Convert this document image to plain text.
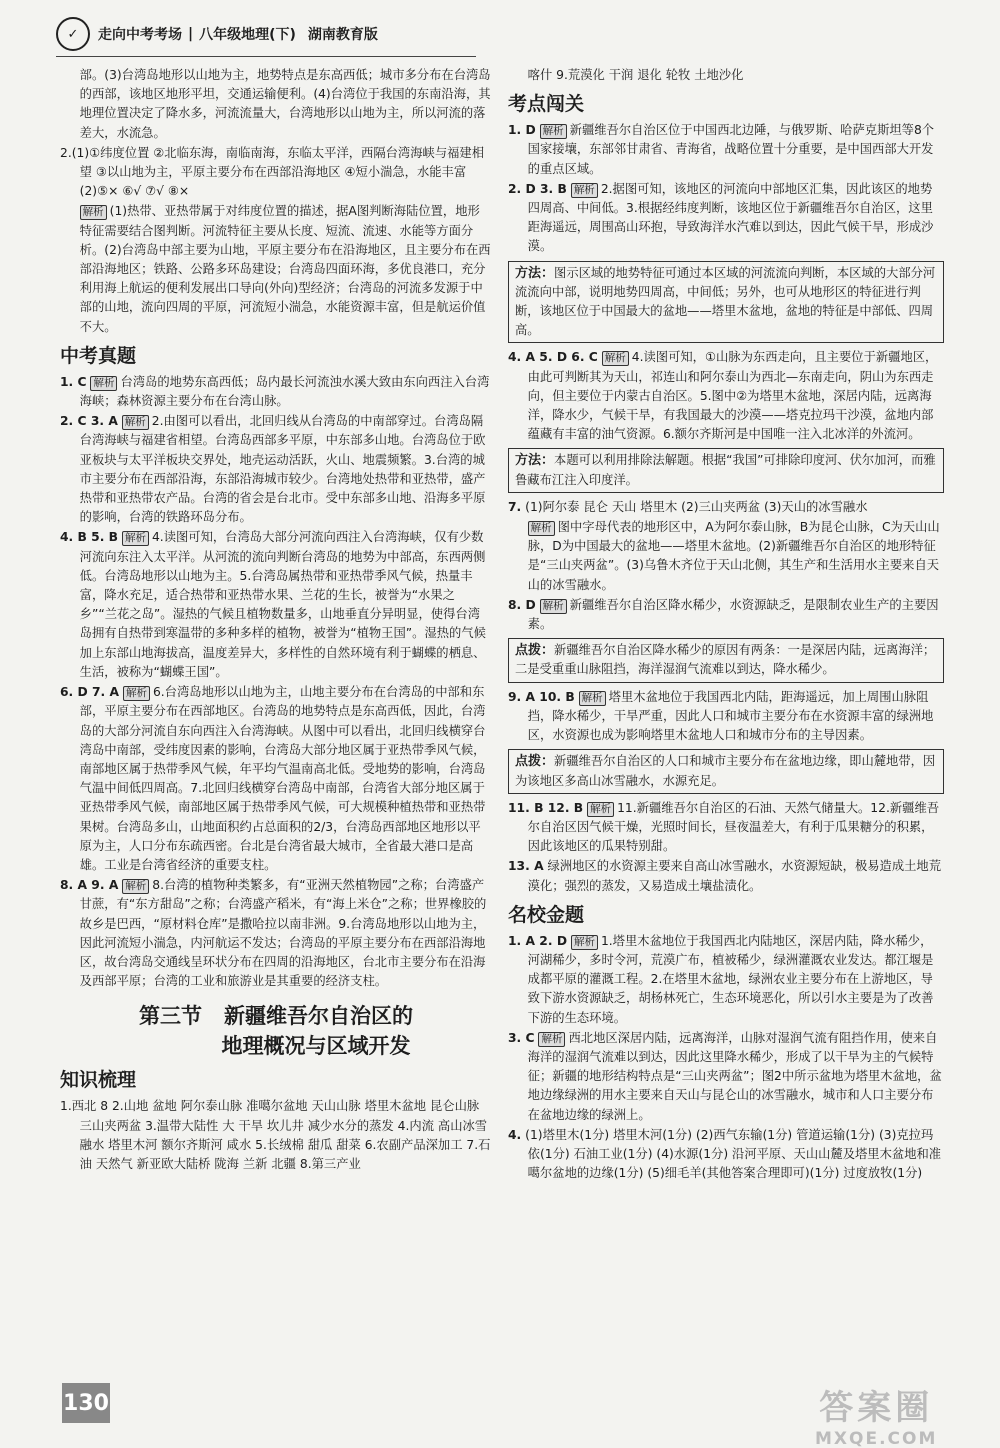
✓	走向中考考场 | 八年级地理(下) 湖南教育版
部。(3)台湾岛地形以山地为主，地势特点是东高西低；城市多分布在台湾岛的西部，该地区地形平坦，交通运输便利。(4)台湾位于我国的东南沿海，其地理位置决定了降水多，河流流量大，台湾地形以山地为主，所以河流的落差大，水流急。
2.(1)①纬度位置 ②北临东海，南临南海，东临太平洋，西隔台湾海峡与福建相望 ③以山地为主，平原主要分布在西部沿海地区 ④短小湍急，水能丰富 (2)⑤× ⑥√ ⑦√ ⑧×
解析 (1)热带、亚热带属于对纬度位置的描述，据A图判断海陆位置，地形特征需要结合图判断。河流特征主要从长度、短流、流速、水能等方面分析。(2)台湾岛中部主要为山地，平原主要分布在沿海地区，且主要分布在西部沿海地区；铁路、公路多环岛建设；台湾岛四面环海，多优良港口，充分利用海上航运的便利发展出口导向(外向)型经济；台湾岛的河流多发源于中部的山地，流向四周的平原，河流短小湍急，水能资源丰富，但是航运价值不大。
中考真题
1. C 解析 台湾岛的地势东高西低；岛内最长河流浊水溪大致由东向西注入台湾海峡；森林资源主要分布在台湾山脉。
2. C 3. A 解析 2.由图可以看出，北回归线从台湾岛的中南部穿过。台湾岛隔台湾海峡与福建省相望。台湾岛西部多平原，中东部多山地。台湾岛位于欧亚板块与太平洋板块交界处，地壳运动活跃，火山、地震频繁。3.台湾的城市主要分布在西部沿海，东部沿海城市较少。台湾地处热带和亚热带，盛产热带和亚热带农产品。台湾的省会是台北市。受中东部多山地、沿海多平原的影响，台湾的铁路环岛分布。
4. B 5. B 解析 4.读图可知，台湾岛大部分河流向西注入台湾海峡，仅有少数河流向东注入太平洋。从河流的流向判断台湾岛的地势为中部高，东西两侧低。台湾岛地形以山地为主。5.台湾岛属热带和亚热带季风气候，热量丰富，降水充足，适合热带和亚热带水果、兰花的生长，被誉为“水果之乡”“兰花之岛”。湿热的气候且植物数量多，山地垂直分异明显，使得台湾岛拥有自热带到寒温带的多种多样的植物，被誉为“植物王国”。湿热的气候加上东部山地海拔高，温度差异大，多样性的自然环境有利于蝴蝶的栖息、生活，被称为“蝴蝶王国”。
6. D 7. A 解析 6.台湾岛地形以山地为主，山地主要分布在台湾岛的中部和东部，平原主要分布在西部地区。台湾岛的地势特点是东高西低，因此，台湾岛的大部分河流自东向西注入台湾海峡。从图中可以看出，北回归线横穿台湾岛中南部，受纬度因素的影响，台湾岛大部分地区属于亚热带季风气候，南部地区属于热带季风气候，年平均气温南高北低。受地势的影响，台湾岛气温中间低四周高。7.北回归线横穿台湾岛中南部，台湾省大部分地区属于亚热带季风气候，南部地区属于热带季风气候，可大规模种植热带和亚热带果树。台湾岛多山，山地面积约占总面积的2/3，台湾岛西部地区地形以平原为主，人口分布东疏西密。台北是台湾省最大城市，全省最大港口是高雄。工业是台湾省经济的重要支柱。
8. A 9. A 解析 8.台湾的植物种类繁多，有“亚洲天然植物园”之称；台湾盛产甘蔗，有“东方甜岛”之称；台湾盛产稻米，有“海上米仓”之称；世界橡胶的故乡是巴西，“原材料仓库”是撒哈拉以南非洲。9.台湾岛地形以山地为主，因此河流短小湍急，内河航运不发达；台湾岛的平原主要分布在西部沿海地区，故台湾岛交通线呈环状分布在四周的沿海地区，台北市主要分布在沿海及西部平原；台湾的工业和旅游业是其重要的经济支柱。
第三节 新疆维吾尔自治区的
地理概况与区域开发
知识梳理
1.西北 8 2.山地 盆地 阿尔泰山脉 准噶尔盆地 天山山脉 塔里木盆地 昆仑山脉 三山夹两盆 3.温带大陆性 大 干旱 坎儿井 减少水分的蒸发 4.内流 高山冰雪融水 塔里木河 额尔齐斯河 咸水 5.长绒棉 甜瓜 甜菜 6.农副产品深加工 7.石油 天然气 新亚欧大陆桥 陇海 兰新 北疆 8.第三产业
喀什 9.荒漠化 干润 退化 轮牧 土地沙化
考点闯关
1. D 解析 新疆维吾尔自治区位于中国西北边陲，与俄罗斯、哈萨克斯坦等8个国家接壤，东部邻甘肃省、青海省，战略位置十分重要，是中国西部大开发的重点区域。
2. D 3. B 解析 2.据图可知，该地区的河流向中部地区汇集，因此该区的地势四周高、中间低。3.根据经纬度判断，该地区位于新疆维吾尔自治区，这里距海遥远，周围高山环抱，导致海洋水汽难以到达，因此气候干旱，形成沙漠。
方法：图示区域的地势特征可通过本区域的河流流向判断，本区域的大部分河流流向中部，说明地势四周高，中间低；另外，也可从地形区的特征进行判断，该地区位于中国最大的盆地——塔里木盆地，盆地的特征是中部低、四周高。
4. A 5. D 6. C 解析 4.读图可知，①山脉为东西走向，且主要位于新疆地区，由此可判断其为天山，祁连山和阿尔泰山为西北—东南走向，阴山为东西走向，但主要位于内蒙古自治区。5.图中②为塔里木盆地，深居内陆，远离海洋，降水少，气候干旱，有我国最大的沙漠——塔克拉玛干沙漠，盆地内部蕴藏有丰富的油气资源。6.额尔齐斯河是中国唯一注入北冰洋的外流河。
方法：本题可以利用排除法解题。根据“我国”可排除印度河、伏尔加河，而雅鲁藏布江注入印度洋。
7. (1)阿尔泰 昆仑 天山 塔里木 (2)三山夹两盆 (3)天山的冰雪融水
解析 图中字母代表的地形区中，A为阿尔泰山脉，B为昆仑山脉，C为天山山脉，D为中国最大的盆地——塔里木盆地。(2)新疆维吾尔自治区的地形特征是“三山夹两盆”。(3)乌鲁木齐位于天山北侧，其生产和生活用水主要来自天山的冰雪融水。
8. D 解析 新疆维吾尔自治区降水稀少，水资源缺乏，是限制农业生产的主要因素。
点拨：新疆维吾尔自治区降水稀少的原因有两条：一是深居内陆，远离海洋；二是受重重山脉阻挡，海洋湿润气流难以到达，降水稀少。
9. A 10. B 解析 塔里木盆地位于我国西北内陆，距海遥远，加上周围山脉阻挡，降水稀少，干旱严重，因此人口和城市主要分布在水资源丰富的绿洲地区，水资源也成为影响塔里木盆地人口和城市分布的主导因素。
点拨：新疆维吾尔自治区的人口和城市主要分布在盆地边缘，即山麓地带，因为该地区多高山冰雪融水，水源充足。
11. B 12. B 解析 11.新疆维吾尔自治区的石油、天然气储量大。12.新疆维吾尔自治区因气候干燥，光照时间长，昼夜温差大，有利于瓜果糖分的积累，因此该地区的瓜果特别甜。
13. A 绿洲地区的水资源主要来自高山冰雪融水，水资源短缺，极易造成土地荒漠化；强烈的蒸发，又易造成土壤盐渍化。
名校金题
1. A 2. D 解析 1.塔里木盆地位于我国西北内陆地区，深居内陆，降水稀少，河湖稀少，多时令河，荒漠广布，植被稀少，绿洲灌溉农业发达。都江堰是成都平原的灌溉工程。2.在塔里木盆地，绿洲农业主要分布在上游地区，导致下游水资源缺乏，胡杨林死亡，生态环境恶化，所以引水主要是为了改善下游的生态环境。
3. C 解析 西北地区深居内陆，远离海洋，山脉对湿润气流有阻挡作用，使来自海洋的湿润气流难以到达，因此这里降水稀少，形成了以干旱为主的气候特征；新疆的地形结构特点是“三山夹两盆”；图2中所示盆地为塔里木盆地，盆地边缘绿洲的用水主要来自天山与昆仑山的冰雪融水，城市和人口主要分布在盆地边缘的绿洲上。
4. (1)塔里木(1分) 塔里木河(1分) (2)西气东输(1分) 管道运输(1分) (3)克拉玛依(1分) 石油工业(1分) (4)水源(1分) 沿河平原、天山山麓及塔里木盆地和准噶尔盆地的边缘(1分) (5)细毛羊(其他答案合理即可)(1分) 过度放牧(1分)
130	答案圈
MXQE.COM
